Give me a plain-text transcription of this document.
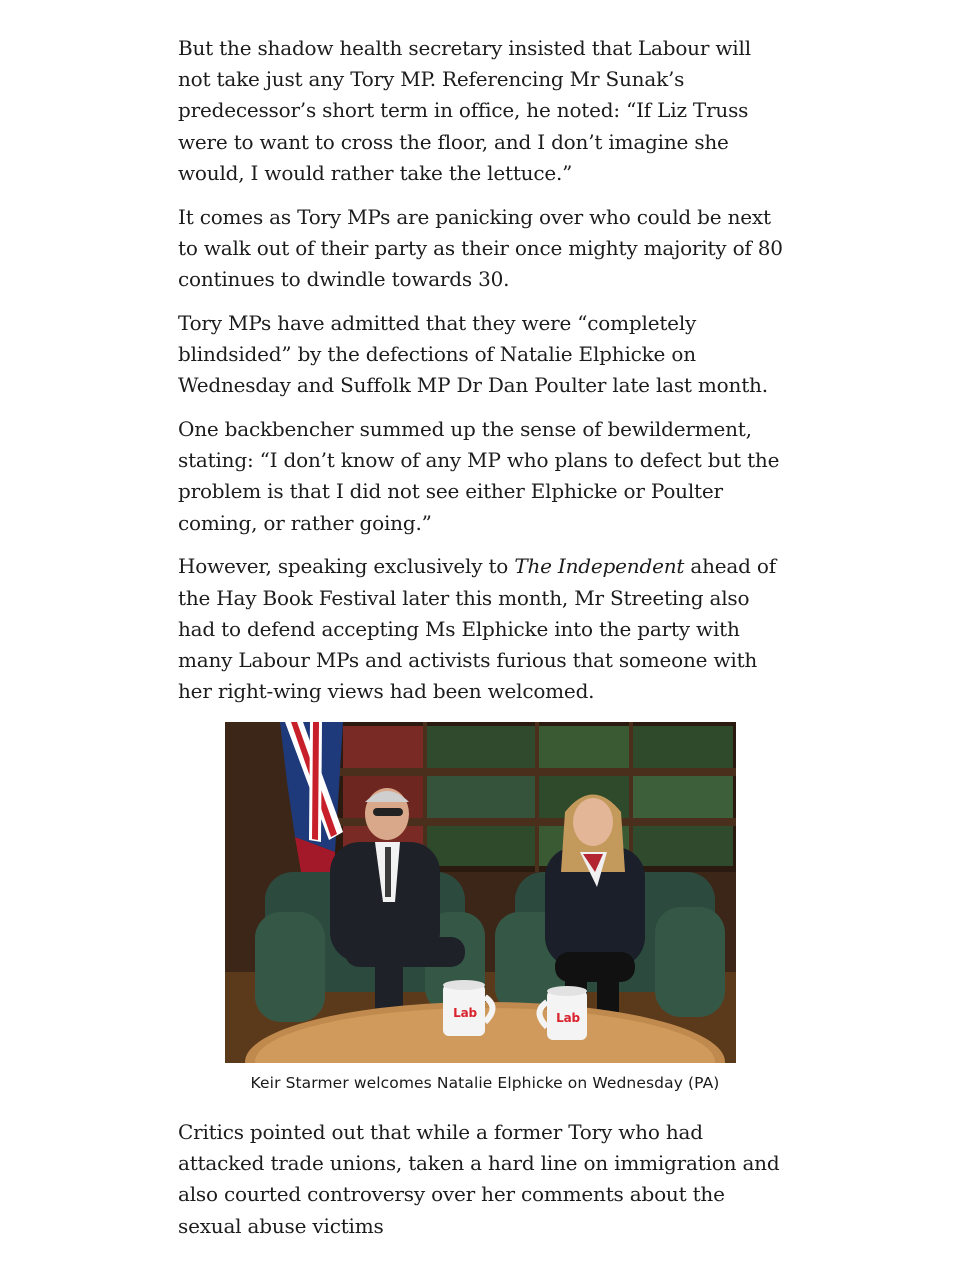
But the shadow health secretary insisted that Labour will not take just any Tory MP. Referencing Mr Sunak’s predecessor’s short term in office, he noted: “If Liz Truss were to want to cross the floor, and I don’t imagine she would, I would rather take the lettuce.”

It comes as Tory MPs are panicking over who could be next to walk out of their party as their once mighty majority of 80 continues to dwindle towards 30.

Tory MPs have admitted that they were “completely blindsided” by the defections of Natalie Elphicke on Wednesday and Suffolk MP Dr Dan Poulter late last month.

One backbencher summed up the sense of bewilderment, stating: “I don’t know of any MP who plans to defect but the problem is that I did not see either Elphicke or Poulter coming, or rather going.”

However, speaking exclusively to The Independent ahead of the Hay Book Festival later this month, Mr Streeting also had to defend accepting Ms Elphicke into the party with many Labour MPs and activists furious that someone with her right-wing views had been welcomed.

Lab	Lab
Keir Starmer welcomes Natalie Elphicke on Wednesday (PA)

Critics pointed out that while a former Tory who had attacked trade unions, taken a hard line on immigration and also courted controversy over her comments about the sexual abuse victims
